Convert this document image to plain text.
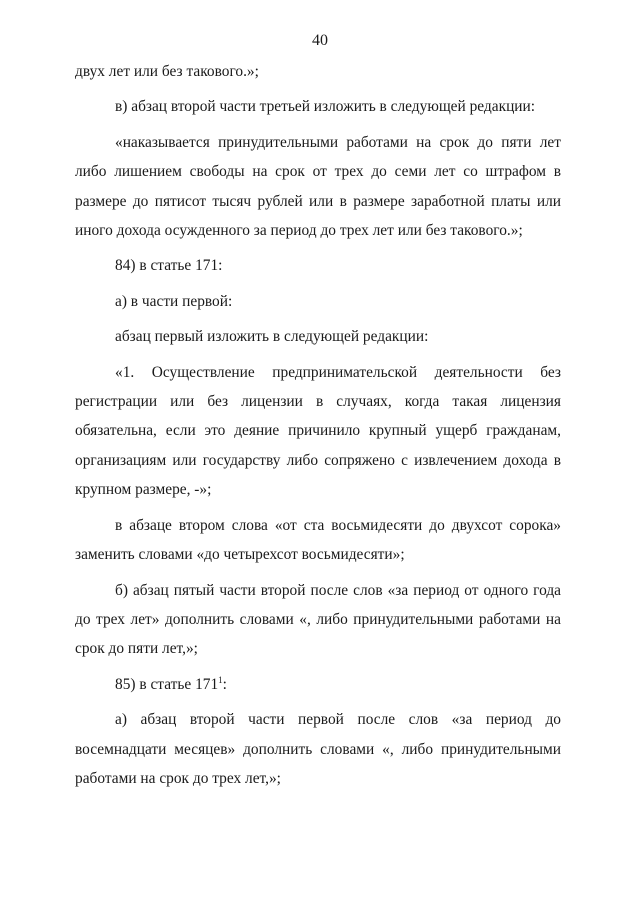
40

двух лет или без такового.»;

в) абзац второй части третьей изложить в следующей редакции:

«наказывается принудительными работами на срок до пяти лет либо лишением свободы на срок от трех до семи лет со штрафом в размере до пятисот тысяч рублей или в размере заработной платы или иного дохода осужденного за период до трех лет или без такового.»;

84) в статье 171:

а) в части первой:

абзац первый изложить в следующей редакции:

«1. Осуществление предпринимательской деятельности без регистрации или без лицензии в случаях, когда такая лицензия обязательна, если это деяние причинило крупный ущерб гражданам, организациям или государству либо сопряжено с извлечением дохода в крупном размере, -»;

в абзаце втором слова «от ста восьмидесяти до двухсот сорока» заменить словами «до четырехсот восьмидесяти»;

б) абзац пятый части второй после слов «за период от одного года до трех лет» дополнить словами «, либо принудительными работами на срок до пяти лет,»;

85) в статье $171^1$:

а) абзац второй части первой после слов «за период до восемнадцати месяцев» дополнить словами «, либо принудительными работами на срок до трех лет,»;
